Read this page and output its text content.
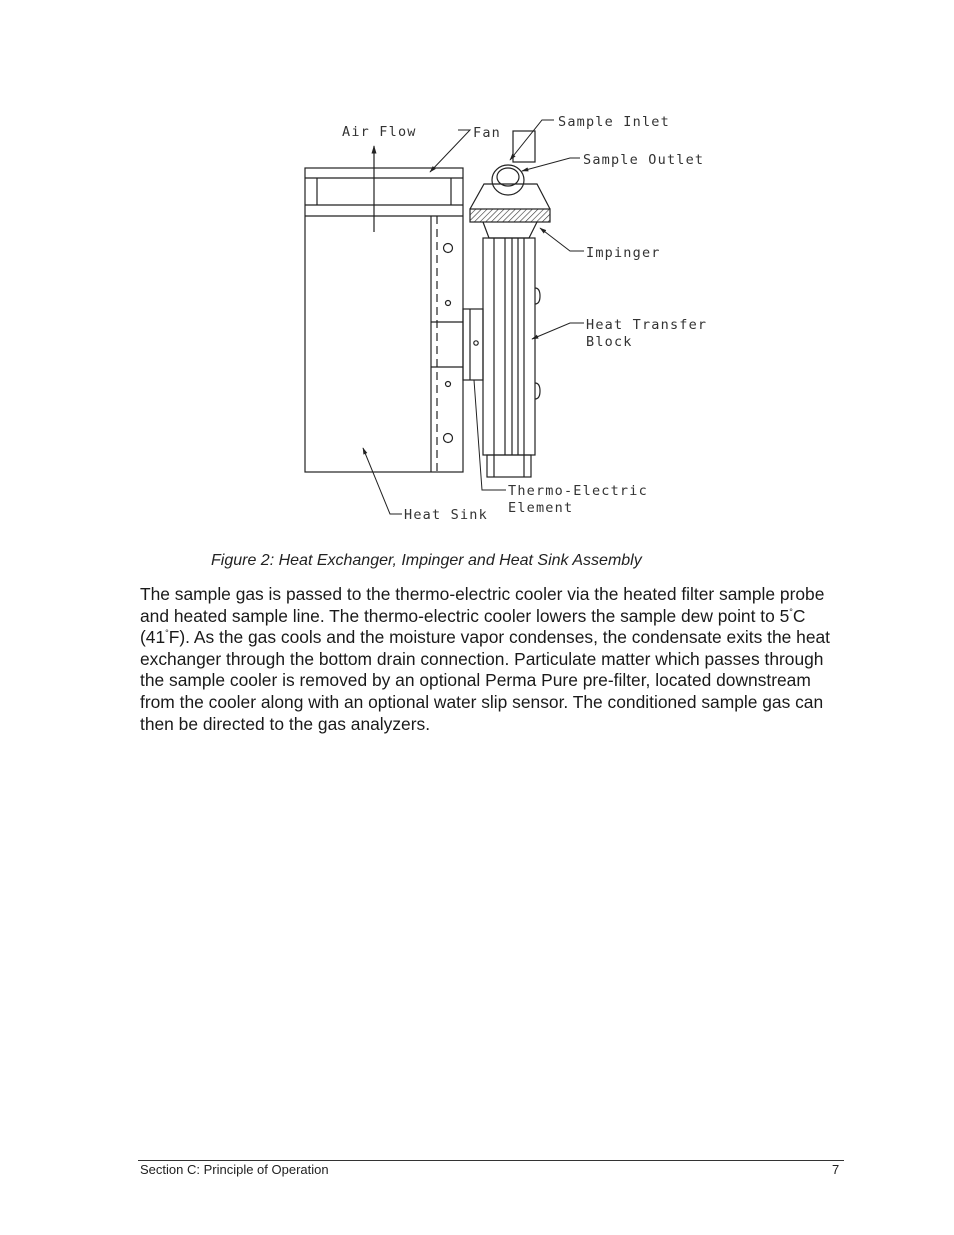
Air Flow	Fan
Sample Inlet
Sample Outlet
Impinger
Heat Transfer
Block
Thermo-Electric
Element
Heat Sink
Figure 2: Heat Exchanger, Impinger and Heat Sink Assembly

The sample gas is passed to the thermo-electric cooler via the heated filter sample probe and heated sample line. The thermo-electric cooler lowers the sample dew point to 5°C (41°F). As the gas cools and the moisture vapor condenses, the condensate exits the heat exchanger through the bottom drain connection. Particulate matter which passes through the sample cooler is removed by an optional Perma Pure pre-filter, located downstream from the cooler along with an optional water slip sensor. The conditioned sample gas can then be directed to the gas analyzers.

Section C: Principle of Operation	7
